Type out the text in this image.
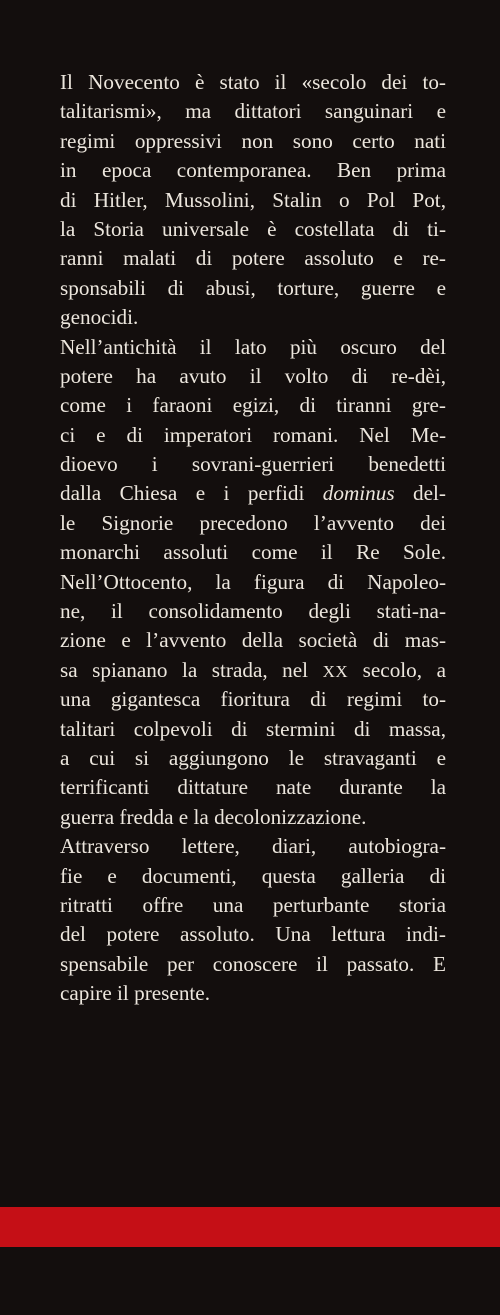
Il Novecento è stato il «secolo dei to-
talitarismi», ma dittatori sanguinari e
regimi oppressivi non sono certo nati
in epoca contemporanea. Ben prima
di Hitler, Mussolini, Stalin o Pol Pot,
la Storia universale è costellata di ti-
ranni malati di potere assoluto e re-
sponsabili di abusi, torture, guerre e
genocidi.
Nell’antichità il lato più oscuro del
potere ha avuto il volto di re-dèi,
come i faraoni egizi, di tiranni gre-
ci e di imperatori romani. Nel Me-
dioevo i sovrani-guerrieri benedetti
dalla Chiesa e i perfidi dominus del-
le Signorie precedono l’avvento dei
monarchi assoluti come il Re Sole.
Nell’Ottocento, la figura di Napoleo-
ne, il consolidamento degli stati-na-
zione e l’avvento della società di mas-
sa spianano la strada, nel XX secolo, a
una gigantesca fioritura di regimi to-
talitari colpevoli di stermini di massa,
a cui si aggiungono le stravaganti e
terrificanti dittature nate durante la
guerra fredda e la decolonizzazione.
Attraverso lettere, diari, autobiogra-
fie e documenti, questa galleria di
ritratti offre una perturbante storia
del potere assoluto. Una lettura indi-
spensabile per conoscere il passato. E
capire il presente.
